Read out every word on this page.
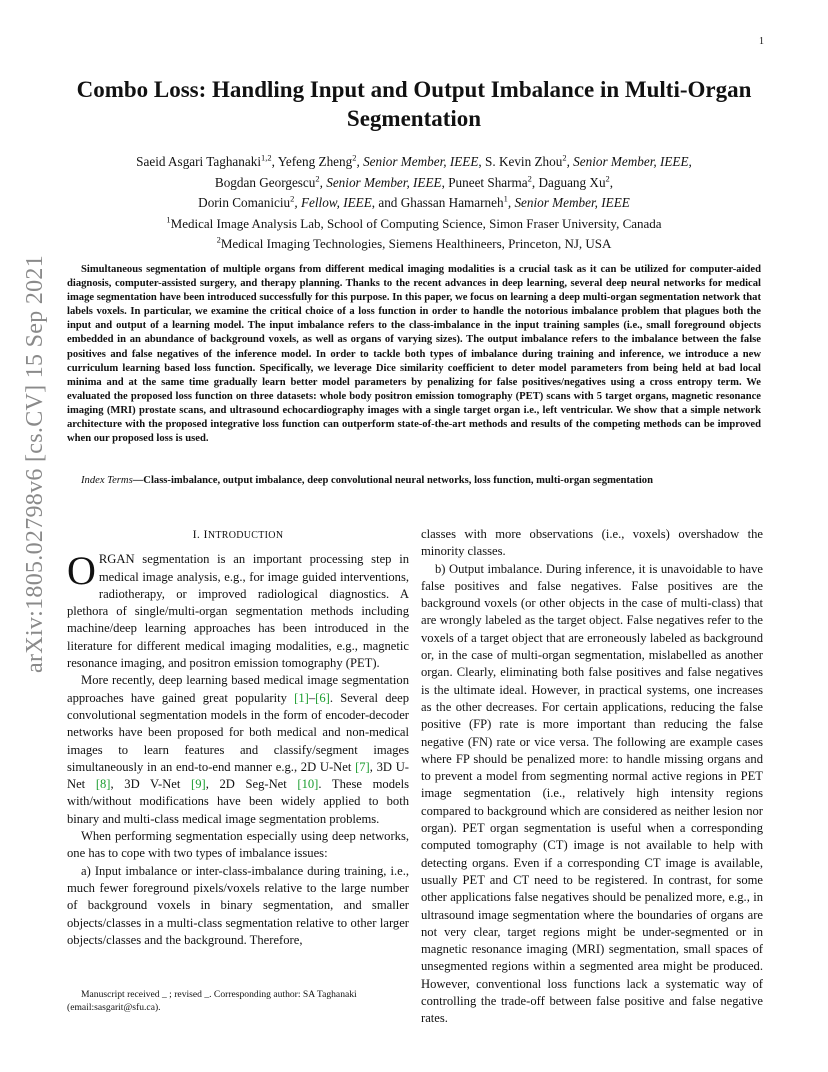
1
arXiv:1805.02798v6 [cs.CV] 15 Sep 2021
Combo Loss: Handling Input and Output Imbalance in Multi-Organ Segmentation
Saeid Asgari Taghanaki$^{1,2}$, Yefeng Zheng$^2$, Senior Member, IEEE, S. Kevin Zhou$^2$, Senior Member, IEEE,
Bogdan Georgescu$^2$, Senior Member, IEEE, Puneet Sharma$^2$, Daguang Xu$^2$,
Dorin Comaniciu$^2$, Fellow, IEEE, and Ghassan Hamarneh$^1$, Senior Member, IEEE
$^1$Medical Image Analysis Lab, School of Computing Science, Simon Fraser University, Canada
$^2$Medical Imaging Technologies, Siemens Healthineers, Princeton, NJ, USA

Simultaneous segmentation of multiple organs from different medical imaging modalities is a crucial task as it can be utilized for computer-aided diagnosis, computer-assisted surgery, and therapy planning. Thanks to the recent advances in deep learning, several deep neural networks for medical image segmentation have been introduced successfully for this purpose. In this paper, we focus on learning a deep multi-organ segmentation network that labels voxels. In particular, we examine the critical choice of a loss function in order to handle the notorious imbalance problem that plagues both the input and output of a learning model. The input imbalance refers to the class-imbalance in the input training samples (i.e., small foreground objects embedded in an abundance of background voxels, as well as organs of varying sizes). The output imbalance refers to the imbalance between the false positives and false negatives of the inference model. In order to tackle both types of imbalance during training and inference, we introduce a new curriculum learning based loss function. Specifically, we leverage Dice similarity coefficient to deter model parameters from being held at bad local minima and at the same time gradually learn better model parameters by penalizing for false positives/negatives using a cross entropy term. We evaluated the proposed loss function on three datasets: whole body positron emission tomography (PET) scans with 5 target organs, magnetic resonance imaging (MRI) prostate scans, and ultrasound echocardiography images with a single target organ i.e., left ventricular. We show that a simple network architecture with the proposed integrative loss function can outperform state-of-the-art methods and results of the competing methods can be improved when our proposed loss is used.

Index Terms—Class-imbalance, output imbalance, deep convolutional neural networks, loss function, multi-organ segmentation

I. INTRODUCTION

ORGAN segmentation is an important processing step in medical image analysis, e.g., for image guided interventions, radiotherapy, or improved radiological diagnostics. A plethora of single/multi-organ segmentation methods including machine/deep learning approaches has been introduced in the literature for different medical imaging modalities, e.g., magnetic resonance imaging, and positron emission tomography (PET).

More recently, deep learning based medical image segmentation approaches have gained great popularity [1]–[6]. Several deep convolutional segmentation models in the form of encoder-decoder networks have been proposed for both medical and non-medical images to learn features and classify/segment images simultaneously in an end-to-end manner e.g., 2D U-Net [7], 3D U-Net [8], 3D V-Net [9], 2D Seg-Net [10]. These models with/without modifications have been widely applied to both binary and multi-class medical image segmentation problems.

When performing segmentation especially using deep networks, one has to cope with two types of imbalance issues:

a) Input imbalance or inter-class-imbalance during training, i.e., much fewer foreground pixels/voxels relative to the large number of background voxels in binary segmentation, and smaller objects/classes in a multi-class segmentation relative to other larger objects/classes and the background. Therefore,

Manuscript received _ ; revised _. Corresponding author: SA Taghanaki
(email:sasgarit@sfu.ca).

classes with more observations (i.e., voxels) overshadow the minority classes.

b) Output imbalance. During inference, it is unavoidable to have false positives and false negatives. False positives are the background voxels (or other objects in the case of multi-class) that are wrongly labeled as the target object. False negatives refer to the voxels of a target object that are erroneously labeled as background or, in the case of multi-organ segmentation, mislabelled as another organ. Clearly, eliminating both false positives and false negatives is the ultimate ideal. However, in practical systems, one increases as the other decreases. For certain applications, reducing the false positive (FP) rate is more important than reducing the false negative (FN) rate or vice versa. The following are example cases where FP should be penalized more: to handle missing organs and to prevent a model from segmenting normal active regions in PET image segmentation (i.e., relatively high intensity regions compared to background which are considered as neither lesion nor organ). PET organ segmentation is useful when a corresponding computed tomography (CT) image is not available to help with detecting organs. Even if a corresponding CT image is available, usually PET and CT need to be registered. In contrast, for some other applications false negatives should be penalized more, e.g., in ultrasound image segmentation where the boundaries of organs are not very clear, target regions might be under-segmented or in magnetic resonance imaging (MRI) segmentation, small spaces of unsegmented regions within a segmented area might be produced. However, conventional loss functions lack a systematic way of controlling the trade-off between false positive and false negative rates.
